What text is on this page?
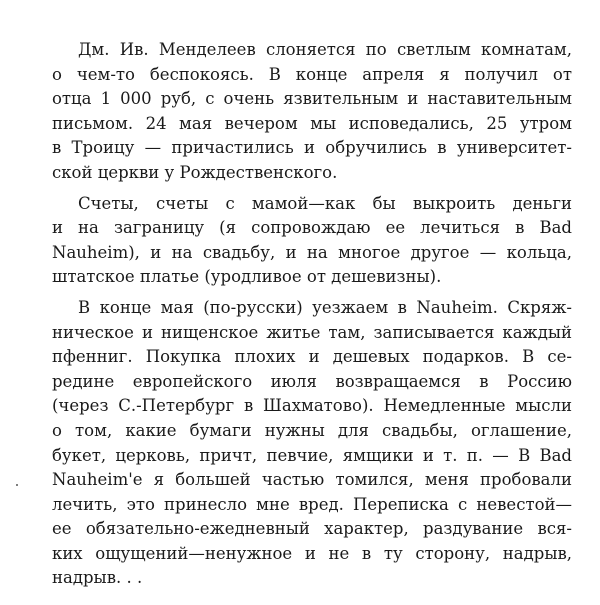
Дм. Ив. Менделеев слоняется по светлым комнатам,
о чем-то беспокоясь. В конце апреля я получил от
отца 1 000 руб, с очень язвительным и наставительным
письмом. 24 мая вечером мы исповедались, 25 утром
в Троицу — причастились и обручились в университет-
ской церкви у Рождественского.
Счеты, счеты с мамой—как бы выкроить деньги
и на заграницу (я сопровождаю ее лечиться в Bad
Nauheim), и на свадьбу, и на многое другое — кольца,
штатское платье (уродливое от дешевизны).
В конце мая (по-русски) уезжаем в Nauheim. Скряж-
ническое и нищенское житье там, записывается каждый
пфенниг. Покупка плохих и дешевых подарков. В се-
редине европейского июля возвращаемся в Россию
(через С.-Петербург в Шахматово). Немедленные мысли
о том, какие бумаги нужны для свадьбы, оглашение,
букет, церковь, причт, певчие, ямщики и т. п. — В Bad
Nauheim'е я большей частью томился, меня пробовали
лечить, это принесло мне вред. Переписка с невестой—
ее обязательно-ежедневный характер, раздувание вся-
ких ощущений—ненужное и не в ту сторону, надрыв,
надрыв. . .
